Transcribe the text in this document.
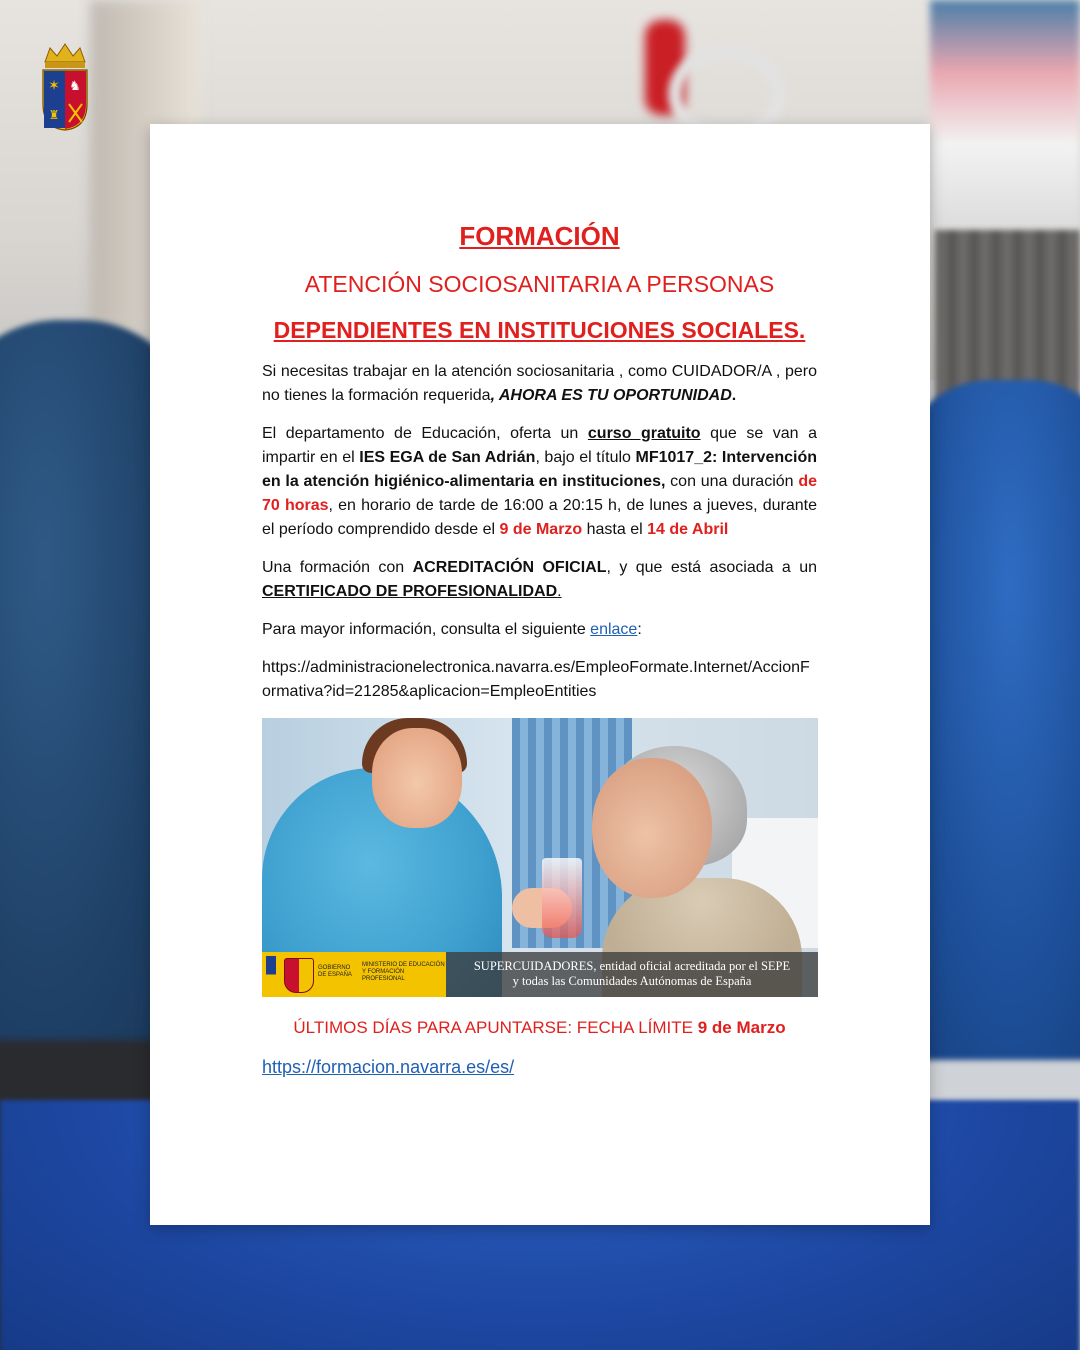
✶ ♞
♜
FORMACIÓN
ATENCIÓN SOCIOSANITARIA A PERSONAS
DEPENDIENTES EN INSTITUCIONES SOCIALES.

Si necesitas trabajar en la atención sociosanitaria , como CUIDADOR/A , pero no tienes la formación requerida, AHORA ES TU OPORTUNIDAD.

El departamento de Educación, oferta un curso gratuito que se van a impartir en el IES EGA de San Adrián, bajo el título MF1017_2: Intervención en la atención higiénico-alimentaria en instituciones, con una duración de 70 horas, en horario de tarde de 16:00 a 20:15 h, de lunes a jueves, durante el período comprendido desde el 9 de Marzo hasta el 14 de Abril

Una formación con ACREDITACIÓN OFICIAL, y que está asociada a un CERTIFICADO DE PROFESIONALIDAD.

Para mayor información, consulta el siguiente enlace:

https://administracionelectronica.navarra.es/EmpleoFormate.Internet/AccionFormativa?id=21285&aplicacion=EmpleoEntities

GOBIERNO DE ESPAÑA
MINISTERIO DE EDUCACIÓN Y FORMACIÓN PROFESIONAL
SUPERCUIDADORES, entidad oficial acreditada por el SEPE
y todas las Comunidades Autónomas de España
ÚLTIMOS DÍAS PARA APUNTARSE: FECHA LÍMITE 9 de Marzo
https://formacion.navarra.es/es/
